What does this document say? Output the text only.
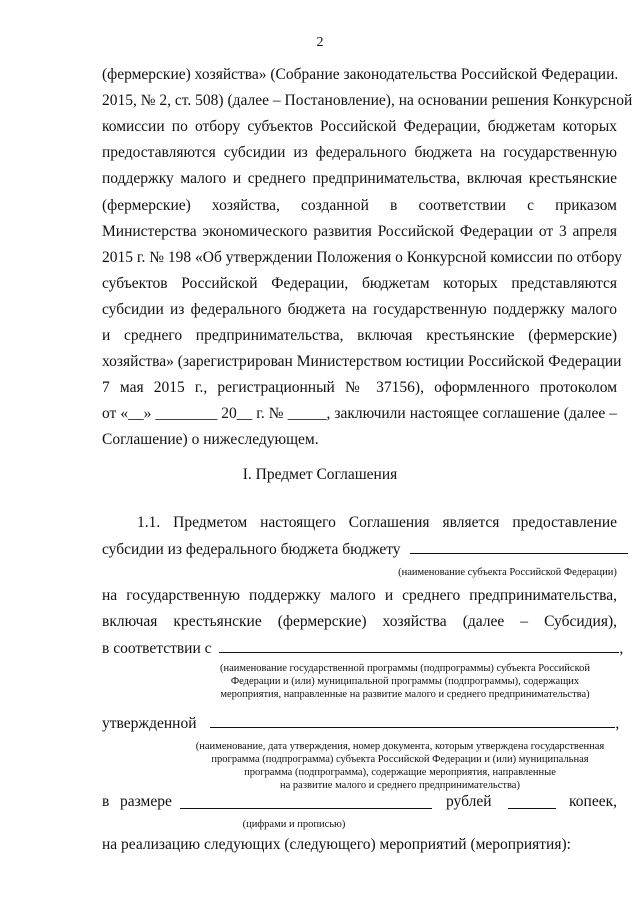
2
(фермерские) хозяйства» (Собрание законодательства Российской Федерации.
2015, № 2, ст. 508) (далее – Постановление), на основании решения Конкурсной
комиссии по отбору субъектов Российской Федерации, бюджетам которых
предоставляются субсидии из федерального бюджета на государственную
поддержку малого и среднего предпринимательства, включая крестьянские
(фермерские) хозяйства, созданной в соответствии с приказом
Министерства экономического развития Российской Федерации от 3 апреля
2015 г. № 198 «Об утверждении Положения о Конкурсной комиссии по отбору
субъектов Российской Федерации, бюджетам которых представляются
субсидии из федерального бюджета на государственную поддержку малого
и среднего предпринимательства, включая крестьянские (фермерские)
хозяйства» (зарегистрирован Министерством юстиции Российской Федерации
7 мая 2015 г., регистрационный № 37156), оформленного протоколом
от «__» ________ 20__ г. № _____, заключили настоящее соглашение (далее –
Соглашение) о нижеследующем.
I. Предмет Соглашения
1.1. Предметом настоящего Соглашения является предоставление
субсидии из федерального бюджета бюджету
(наименование субъекта Российской Федерации)
на государственную поддержку малого и среднего предпринимательства,
включая крестьянские (фермерские) хозяйства (далее – Субсидия),
в соответствии с	,
(наименование государственной программы (подпрограммы) субъекта Российской
Федерации и (или) муниципальной программы (подпрограммы), содержащих
мероприятия, направленные на развитие малого и среднего предпринимательства)
утвержденной	,
(наименование, дата утверждения, номер документа, которым утверждена государственная
программа (подпрограмма) субъекта Российской Федерации и (или) муниципальная
программа (подпрограмма), содержащие мероприятия, направленные
на развитие малого и среднего предпринимательства)
в размере	рублей	копеек,
(цифрами и прописью)
на реализацию следующих (следующего) мероприятий (мероприятия):
